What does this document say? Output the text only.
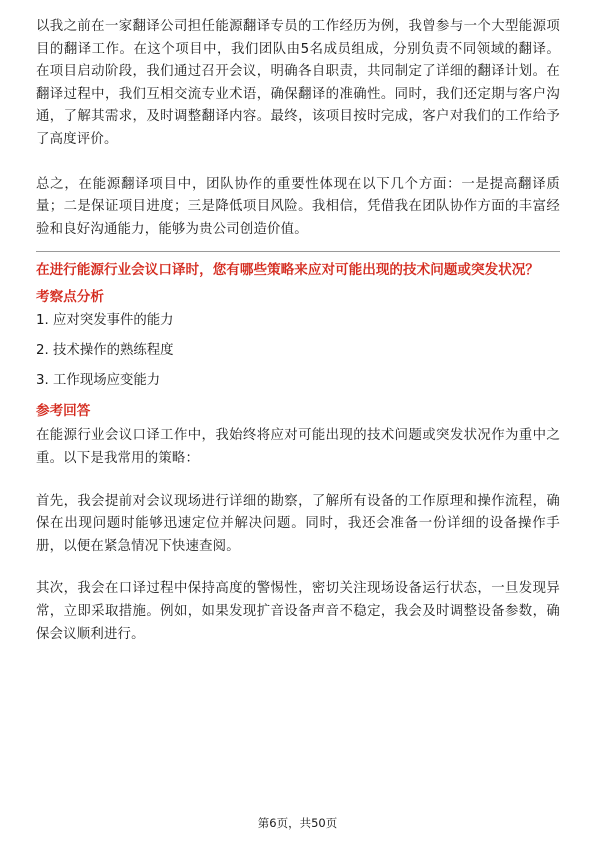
以我之前在一家翻译公司担任能源翻译专员的工作经历为例，我曾参与一个大型能源项目的翻译工作。在这个项目中，我们团队由5名成员组成，分别负责不同领域的翻译。在项目启动阶段，我们通过召开会议，明确各自职责，共同制定了详细的翻译计划。在翻译过程中，我们互相交流专业术语，确保翻译的准确性。同时，我们还定期与客户沟通，了解其需求，及时调整翻译内容。最终，该项目按时完成，客户对我们的工作给予了高度评价。

总之，在能源翻译项目中，团队协作的重要性体现在以下几个方面：一是提高翻译质量；二是保证项目进度；三是降低项目风险。我相信，凭借我在团队协作方面的丰富经验和良好沟通能力，能够为贵公司创造价值。

在进行能源行业会议口译时，您有哪些策略来应对可能出现的技术问题或突发状况？

考察点分析
1. 应对突发事件的能力
2. 技术操作的熟练程度
3. 工作现场应变能力
参考回答

在能源行业会议口译工作中，我始终将应对可能出现的技术问题或突发状况作为重中之重。以下是我常用的策略：

首先，我会提前对会议现场进行详细的勘察，了解所有设备的工作原理和操作流程，确保在出现问题时能够迅速定位并解决问题。同时，我还会准备一份详细的设备操作手册，以便在紧急情况下快速查阅。

其次，我会在口译过程中保持高度的警惕性，密切关注现场设备运行状态，一旦发现异常，立即采取措施。例如，如果发现扩音设备声音不稳定，我会及时调整设备参数，确保会议顺利进行。

第6页，共50页
